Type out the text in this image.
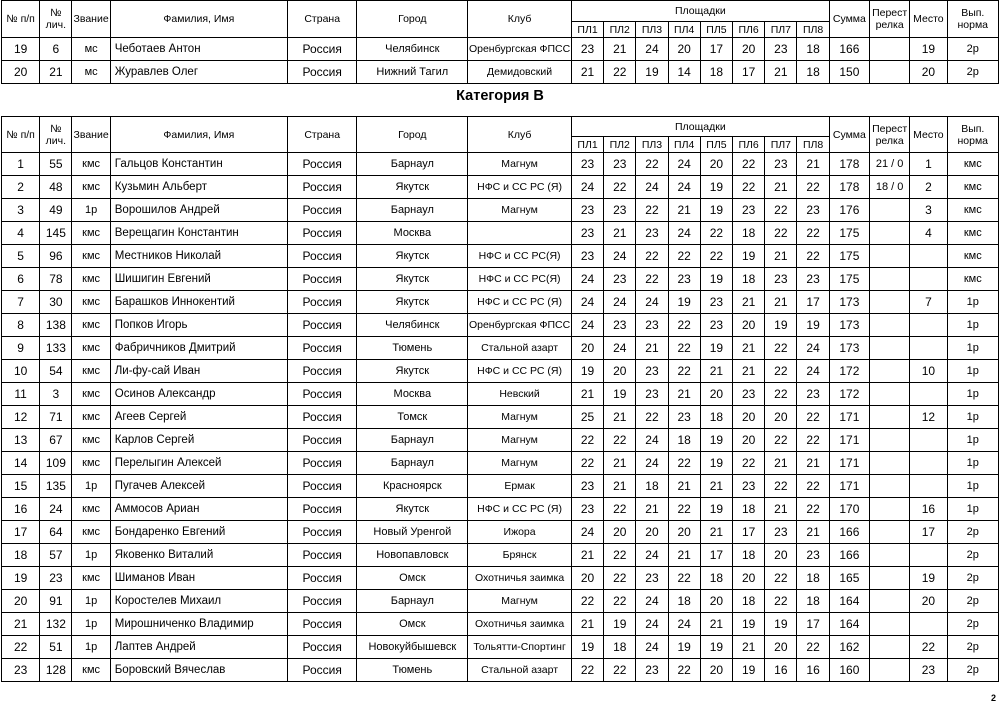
№ п/п	№ лич.	Звание	Фамилия, Имя	Страна	Город	Клуб	Площадки								Сумма	Перест релка	Место	Вып. норма
							ПЛ1	ПЛ2	ПЛ3	ПЛ4	ПЛ5	ПЛ6	ПЛ7	ПЛ8				
19	6	мс	Чеботаев Антон	Россия	Челябинск	Оренбургская ФПСС	23	21	24	20	17	20	23	18	166		19	2р
20	21	мс	Журавлев Олег	Россия	Нижний Тагил	Демидовский	21	22	19	14	18	17	21	18	150		20	2р
Категория B
№ п/п	№ лич.	Звание	Фамилия, Имя	Страна	Город	Клуб	Площадки								Сумма	Перест релка	Место	Вып. норма
							ПЛ1	ПЛ2	ПЛ3	ПЛ4	ПЛ5	ПЛ6	ПЛ7	ПЛ8				
1	55	кмс	Гальцов Константин	Россия	Барнаул	Магнум	23	23	22	24	20	22	23	21	178	21 / 0	1	кмс
2	48	кмс	Кузьмин Альберт	Россия	Якутск	НФС и СС РС (Я)	24	22	24	24	19	22	21	22	178	18 / 0	2	кмс
3	49	1р	Ворошилов Андрей	Россия	Барнаул	Магнум	23	23	22	21	19	23	22	23	176		3	кмс
4	145	кмс	Верещагин Константин	Россия	Москва		23	21	23	24	22	18	22	22	175		4	кмс
5	96	кмс	Местников Николай	Россия	Якутск	НФС и СС РС(Я)	23	24	22	22	22	19	21	22	175			кмс
6	78	кмс	Шишигин Евгений	Россия	Якутск	НФС и СС РС(Я)	24	23	22	23	19	18	23	23	175			кмс
7	30	кмс	Барашков Иннокентий	Россия	Якутск	НФС и СС РС (Я)	24	24	24	19	23	21	21	17	173		7	1р
8	138	кмс	Попков Игорь	Россия	Челябинск	Оренбургская ФПСС	24	23	23	22	23	20	19	19	173			1р
9	133	кмс	Фабричников Дмитрий	Россия	Тюмень	Стальной азарт	20	24	21	22	19	21	22	24	173			1р
10	54	кмс	Ли-фу-сай Иван	Россия	Якутск	НФС и СС РС (Я)	19	20	23	22	21	21	22	24	172		10	1р
11	3	кмс	Осинов Александр	Россия	Москва	Невский	21	19	23	21	20	23	22	23	172			1р
12	71	кмс	Агеев Сергей	Россия	Томск	Магнум	25	21	22	23	18	20	20	22	171		12	1р
13	67	кмс	Карлов Сергей	Россия	Барнаул	Магнум	22	22	24	18	19	20	22	22	171			1р
14	109	кмс	Перелыгин Алексей	Россия	Барнаул	Магнум	22	21	24	22	19	22	21	21	171			1р
15	135	1р	Пугачев Алексей	Россия	Красноярск	Ермак	23	21	18	21	21	23	22	22	171			1р
16	24	кмс	Аммосов Ариан	Россия	Якутск	НФС и СС РС (Я)	23	22	21	22	19	18	21	22	170		16	1р
17	64	кмс	Бондаренко Евгений	Россия	Новый Уренгой	Ижора	24	20	20	20	21	17	23	21	166		17	2р
18	57	1р	Яковенко Виталий	Россия	Новопавловск	Брянск	21	22	24	21	17	18	20	23	166			2р
19	23	кмс	Шиманов Иван	Россия	Омск	Охотничья заимка	20	22	23	22	18	20	22	18	165		19	2р
20	91	1р	Коростелев Михаил	Россия	Барнаул	Магнум	22	22	24	18	20	18	22	18	164		20	2р
21	132	1р	Мирошниченко Владимир	Россия	Омск	Охотничья заимка	21	19	24	24	21	19	19	17	164			2р
22	51	1р	Лаптев Андрей	Россия	Новокуйбышевск	Тольятти-Спортинг	19	18	24	19	19	21	20	22	162		22	2р
23	128	кмс	Боровский Вячеслав	Россия	Тюмень	Стальной азарт	22	22	23	22	20	19	16	16	160		23	2р
2
